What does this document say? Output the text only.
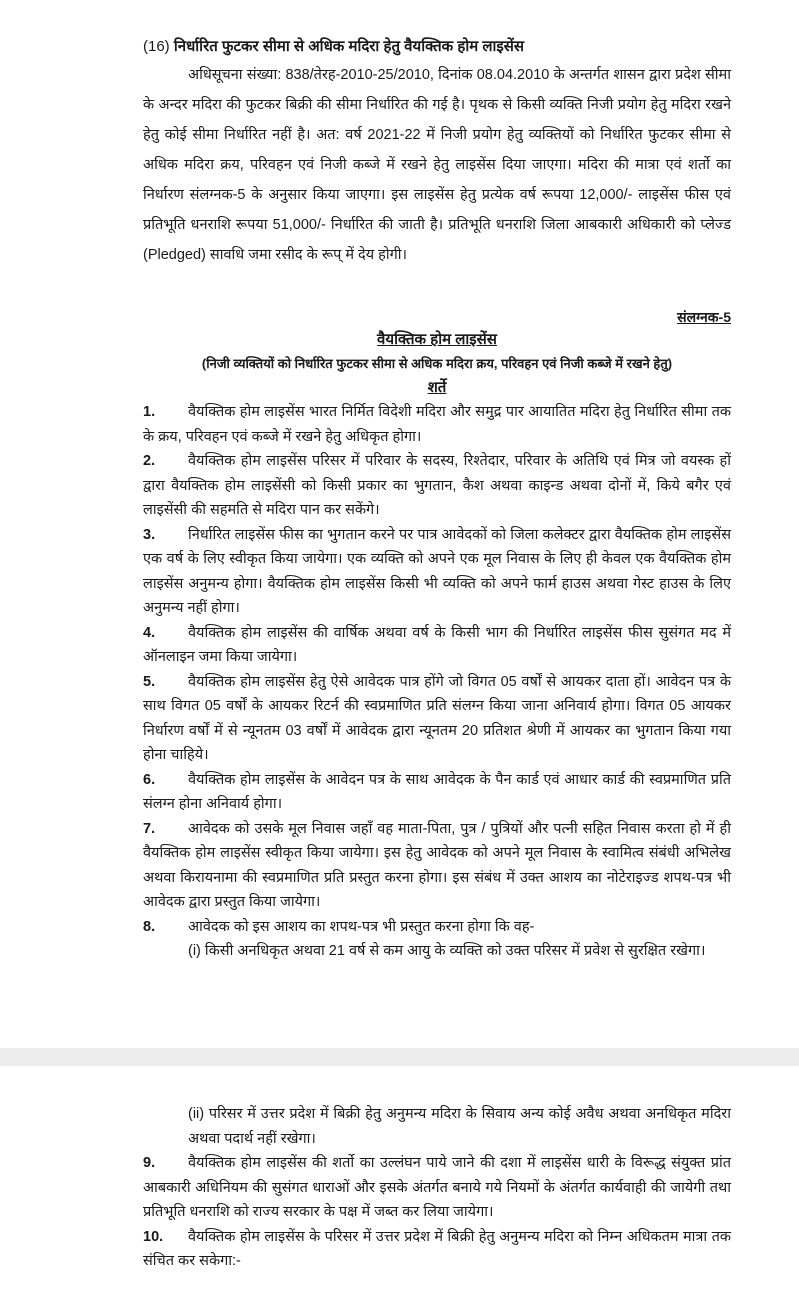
(16) निर्धारित फुटकर सीमा से अधिक मदिरा हेतु वैयक्तिक होम लाइसेंस
अधिसूचना संख्या: 838/तेरह-2010-25/2010, दिनांक 08.04.2010 के अन्तर्गत शासन द्वारा प्रदेश सीमा के अन्दर मदिरा की फुटकर बिक्री की सीमा निर्धारित की गई है। पृथक से किसी व्यक्ति निजी प्रयोग हेतु मदिरा रखने हेतु कोई सीमा निर्धारित नहीं है। अत: वर्ष 2021-22 में निजी प्रयोग हेतु व्यक्तियों को निर्धारित फुटकर सीमा से अधिक मदिरा क्रय, परिवहन एवं निजी कब्जे में रखने हेतु लाइसेंस दिया जाएगा। मदिरा की मात्रा एवं शर्तो का निर्धारण संलग्नक-5 के अनुसार किया जाएगा। इस लाइसेंस हेतु प्रत्येक वर्ष रूपया 12,000/- लाइसेंस फीस एवं प्रतिभूति धनराशि रूपया 51,000/- निर्धारित की जाती है। प्रतिभूति धनराशि जिला आबकारी अधिकारी को प्लेज्ड (Pledged) सावधि जमा रसीद के रूप् में देय होगी।
संलग्नक-5
वैयक्तिक होम लाइसेंस
(निजी व्यक्तियों को निर्धारित फुटकर सीमा से अधिक मदिरा क्रय, परिवहन एवं निजी कब्जे में रखने हेतु)
शर्ते
1. वैयक्तिक होम लाइसेंस भारत निर्मित विदेशी मदिरा और समुद्र पार आयातित मदिरा हेतु निर्धारित सीमा तक के क्रय, परिवहन एवं कब्जे में रखने हेतु अधिकृत होगा।
2. वैयक्तिक होम लाइसेंस परिसर में परिवार के सदस्य, रिश्तेदार, परिवार के अतिथि एवं मित्र जो वयस्क हों द्वारा वैयक्तिक होम लाइसेंसी को किसी प्रकार का भुगतान, कैश अथवा काइन्ड अथवा दोनों में, किये बगैर एवं लाइसेंसी की सहमति से मदिरा पान कर सकेंगे।
3. निर्धारित लाइसेंस फीस का भुगतान करने पर पात्र आवेदकों को जिला कलेक्टर द्वारा वैयक्तिक होम लाइसेंस एक वर्ष के लिए स्वीकृत किया जायेगा। एक व्यक्ति को अपने एक मूल निवास के लिए ही केवल एक वैयक्तिक होम लाइसेंस अनुमन्य होगा। वैयक्तिक होम लाइसेंस किसी भी व्यक्ति को अपने फार्म हाउस अथवा गेस्ट हाउस के लिए अनुमन्य नहीं होगा।
4. वैयक्तिक होम लाइसेंस की वार्षिक अथवा वर्ष के किसी भाग की निर्धारित लाइसेंस फीस सुसंगत मद में ऑनलाइन जमा किया जायेगा।
5. वैयक्तिक होम लाइसेंस हेतु ऐसे आवेदक पात्र होंगे जो विगत 05 वर्षों से आयकर दाता हों। आवेदन पत्र के साथ विगत 05 वर्षों के आयकर रिटर्न की स्वप्रमाणित प्रति संलग्न किया जाना अनिवार्य होगा। विगत 05 आयकर निर्धारण वर्षों में से न्यूनतम 03 वर्षों में आवेदक द्वारा न्यूनतम 20 प्रतिशत श्रेणी में आयकर का भुगतान किया गया होना चाहिये।
6. वैयक्तिक होम लाइसेंस के आवेदन पत्र के साथ आवेदक के पैन कार्ड एवं आधार कार्ड की स्वप्रमाणित प्रति संलग्न होना अनिवार्य होगा।
7. आवेदक को उसके मूल निवास जहाँ वह माता-पिता, पुत्र / पुत्रियों और पत्नी सहित निवास करता हो में ही वैयक्तिक होम लाइसेंस स्वीकृत किया जायेगा। इस हेतु आवेदक को अपने मूल निवास के स्वामित्व संबंधी अभिलेख अथवा किरायनामा की स्वप्रमाणित प्रति प्रस्तुत करना होगा। इस संबंध में उक्त आशय का नोटेराइज्ड शपथ-पत्र भी आवेदक द्वारा प्रस्तुत किया जायेगा।
8. आवेदक को इस आशय का शपथ-पत्र भी प्रस्तुत करना होगा कि वह-
(i) किसी अनधिकृत अथवा 21 वर्ष से कम आयु के व्यक्ति को उक्त परिसर में प्रवेश से सुरक्षित रखेगा।
(ii) परिसर में उत्तर प्रदेश में बिक्री हेतु अनुमन्य मदिरा के सिवाय अन्य कोई अवैध अथवा अनधिकृत मदिरा अथवा पदार्थ नहीं रखेगा।
9. वैयक्तिक होम लाइसेंस की शर्तो का उल्लंघन पाये जाने की दशा में लाइसेंस धारी के विरूद्ध संयुक्त प्रांत आबकारी अधिनियम की सुसंगत धाराओं और इसके अंतर्गत बनाये गये नियमों के अंतर्गत कार्यवाही की जायेगी तथा प्रतिभूति धनराशि को राज्य सरकार के पक्ष में जब्त कर लिया जायेगा।
10. वैयक्तिक होम लाइसेंस के परिसर में उत्तर प्रदेश में बिक्री हेतु अनुमन्य मदिरा को निम्न अधिकतम मात्रा तक संचित कर सकेगा:-
